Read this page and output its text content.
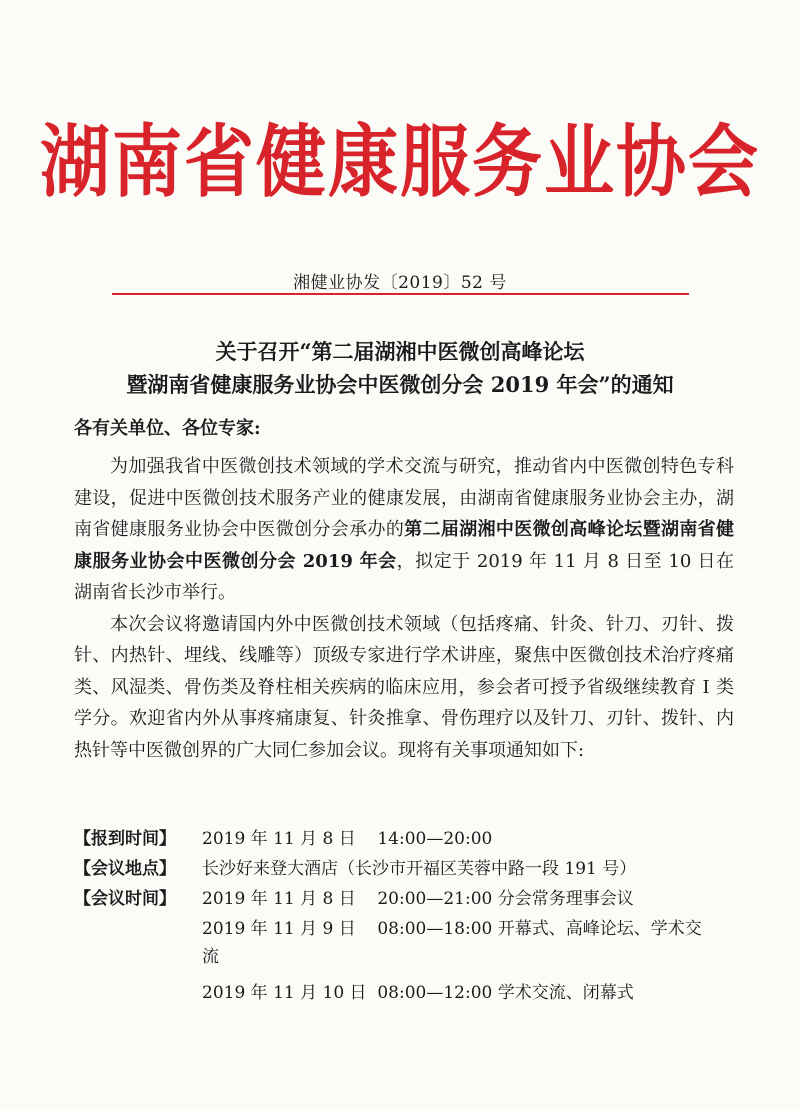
湖南省健康服务业协会
湘健业协发〔2019〕52 号
关于召开“第二届湖湘中医微创高峰论坛
暨湖南省健康服务业协会中医微创分会 2019 年会”的通知
各有关单位、各位专家:

为加强我省中医微创技术领域的学术交流与研究，推动省内中医微创特色专科建设，促进中医微创技术服务产业的健康发展，由湖南省健康服务业协会主办，湖南省健康服务业协会中医微创分会承办的第二届湖湘中医微创高峰论坛暨湖南省健康服务业协会中医微创分会 2019 年会，拟定于 2019 年 11 月 8 日至 10 日在湖南省长沙市举行。

本次会议将邀请国内外中医微创技术领域（包括疼痛、针灸、针刀、刃针、拨针、内热针、埋线、线雕等）顶级专家进行学术讲座，聚焦中医微创技术治疗疼痛类、风湿类、骨伤类及脊柱相关疾病的临床应用，参会者可授予省级继续教育 Ⅰ 类学分。欢迎省内外从事疼痛康复、针灸推拿、骨伤理疗以及针刀、刃针、拨针、内热针等中医微创界的广大同仁参加会议。现将有关事项通知如下:

【报到时间】 2019 年 11 月 8 日    14:00—20:00
【会议地点】 长沙好来登大酒店（长沙市开福区芙蓉中路一段 191 号）
【会议时间】 2019 年 11 月 8 日    20:00—21:00 分会常务理事会议
2019 年 11 月 9 日    08:00—18:00 开幕式、高峰论坛、学术交
流
2019 年 11 月 10 日  08:00—12:00 学术交流、闭幕式
